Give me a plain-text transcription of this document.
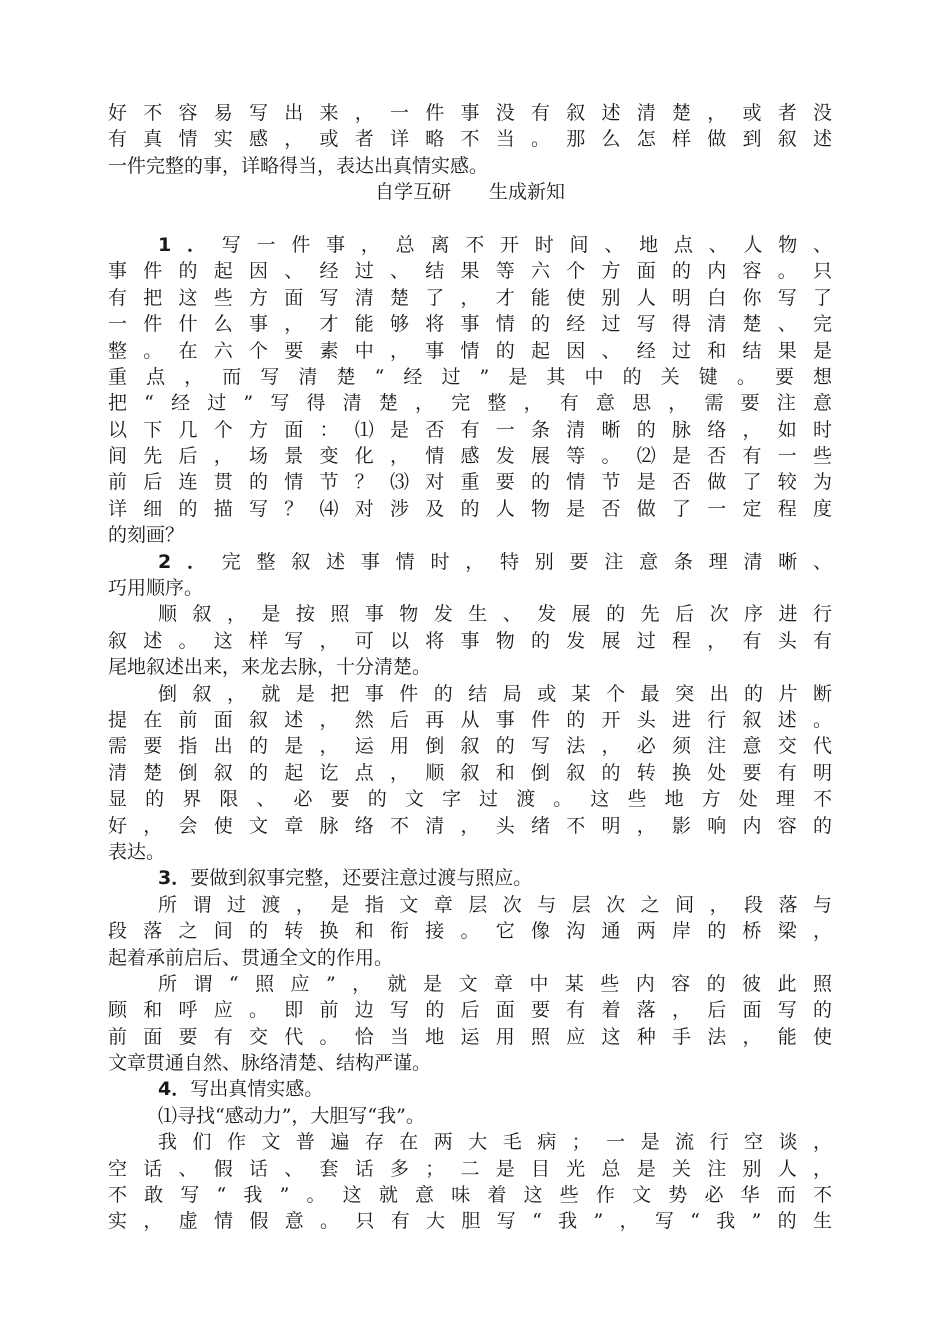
好不容易写出来，一件事没有叙述清楚，或者没
有真情实感，或者详略不当。那么怎样做到叙述
一件完整的事，详略得当，表达出真情实感。
自学互研　　生成新知
1．写一件事，总离不开时间、地点、人物、
事件的起因、经过、结果等六个方面的内容。只
有把这些方面写清楚了，才能使别人明白你写了
一件什么事，才能够将事情的经过写得清楚、完
整。在六个要素中，事情的起因、经过和结果是
重点，而写清楚“经过”是其中的关键。要想
把“经过”写得清楚，完整，有意思，需要注意
以下几个方面：⑴是否有一条清晰的脉络，如时
间先后，场景变化，情感发展等。⑵是否有一些
前后连贯的情节？⑶对重要的情节是否做了较为
详细的描写？⑷对涉及的人物是否做了一定程度
的刻画？
2．完整叙述事情时，特别要注意条理清晰、
巧用顺序。
顺叙，是按照事物发生、发展的先后次序进行
叙述。这样写，可以将事物的发展过程，有头有
尾地叙述出来，来龙去脉，十分清楚。
倒叙，就是把事件的结局或某个最突出的片断
提在前面叙述，然后再从事件的开头进行叙述。
需要指出的是，运用倒叙的写法，必须注意交代
清楚倒叙的起讫点，顺叙和倒叙的转换处要有明
显的界限、必要的文字过渡。这些地方处理不
好，会使文章脉络不清，头绪不明，影响内容的
表达。
3．要做到叙事完整，还要注意过渡与照应。
所谓过渡，是指文章层次与层次之间，段落与
段落之间的转换和衔接。它像沟通两岸的桥梁，
起着承前启后、贯通全文的作用。
所谓“照应”，就是文章中某些内容的彼此照
顾和呼应。即前边写的后面要有着落，后面写的
前面要有交代。恰当地运用照应这种手法，能使
文章贯通自然、脉络清楚、结构严谨。
4．写出真情实感。
⑴寻找“感动力”，大胆写“我”。
我们作文普遍存在两大毛病；一是流行空谈，
空话、假话、套话多；二是目光总是关注别人，
不敢写“我”。这就意味着这些作文势必华而不
实，虚情假意。只有大胆写“我”，写“我”的生
